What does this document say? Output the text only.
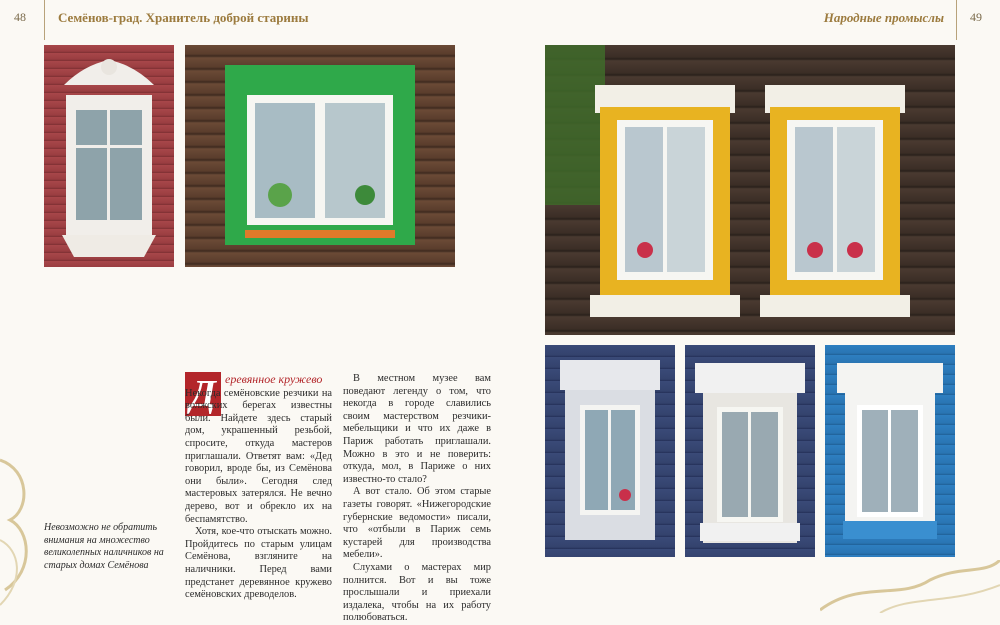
48 Семёнов-град. Хранитель доброй старины	Народные промыслы 49
Д еревянное кружево

Некогда семёновские резчики на волжских берегах известны были. Найдете здесь старый дом, украшенный резьбой, спросите, откуда мастеров приглашали. Ответят вам: «Дед говорил, вроде бы, из Семёнова они были». Сегодня след мастеровых затерялся. Не вечно дерево, вот и обрекло их на беспамятство.

Хотя, кое-что отыскать можно. Пройдитесь по старым улицам Семёнова, взгляните на наличники. Перед вами предстанет деревянное кружево семёновских древоделов.

В местном музее вам поведают легенду о том, что некогда в городе славились своим мастерством резчики-мебельщики и что их даже в Париж работать приглашали. Можно в это и не поверить: откуда, мол, в Париже о них известно-то стало?

А вот стало. Об этом старые газеты говорят. «Нижегородские губернские ведомости» писали, что «отбыли в Париж семь кустарей для производства мебели».

Слухами о мастерах мир полнится. Вот и вы тоже прослышали и приехали издалека, чтобы на их работу полюбоваться.

Невозможно не обратить внимания на множество великолепных наличников на старых домах Семёнова
